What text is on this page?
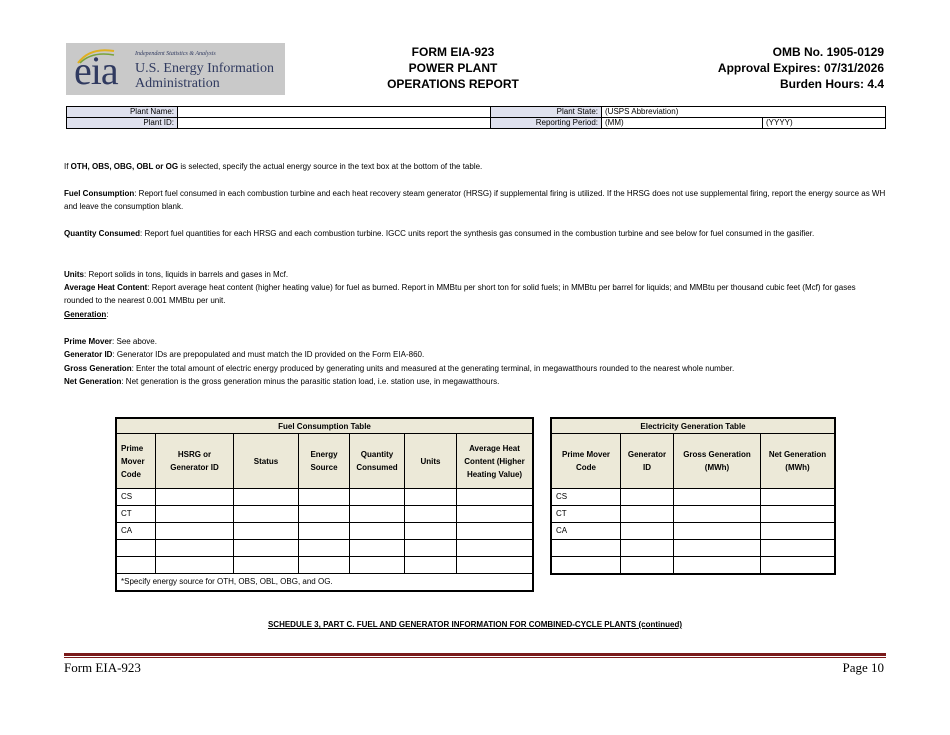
eia	Independent Statistics & Analysis
U.S. Energy Information
Administration
FORM EIA-923
POWER PLANT
OPERATIONS REPORT
OMB No. 1905-0129
Approval Expires: 07/31/2026
Burden Hours: 4.4
Plant Name:		Plant State:	(USPS Abbreviation)	
Plant ID:		Reporting Period:	(MM)	(YYYY)
If OTH, OBS, OBG, OBL or OG is selected, specify the actual energy source in the text box at the bottom of the table.
Fuel Consumption: Report fuel consumed in each combustion turbine and each heat recovery steam generator (HRSG) if supplemental firing is utilized. If the HRSG does not use supplemental firing, report the energy source as WH and leave the consumption blank.
Quantity Consumed: Report fuel quantities for each HRSG and each combustion turbine. IGCC units report the synthesis gas consumed in the combustion turbine and see below for fuel consumed in the gasifier.
Units: Report solids in tons, liquids in barrels and gases in Mcf.
Average Heat Content: Report average heat content (higher heating value) for fuel as burned. Report in MMBtu per short ton for solid fuels; in MMBtu per barrel for liquids; and MMBtu per thousand cubic feet (Mcf) for gases rounded to the nearest 0.001 MMBtu per unit.
Generation:
Prime Mover: See above.
Generator ID: Generator IDs are prepopulated and must match the ID provided on the Form EIA-860.
Gross Generation: Enter the total amount of electric energy produced by generating units and measured at the generating terminal, in megawatthours rounded to the nearest whole number.
Net Generation: Net generation is the gross generation minus the parasitic station load, i.e. station use, in megawatthours.
Fuel Consumption Table						
Prime Mover Code	HSRG or Generator ID	Status	Energy Source	Quantity Consumed	Units	Average Heat Content (Higher Heating Value)
CS						
CT						
CA						

*Specify energy source for OTH, OBS, OBL, OBG, and OG.						
Electricity Generation Table			
Prime Mover Code	Generator ID	Gross Generation (MWh)	Net Generation (MWh)
CS			
CT			
CA			

SCHEDULE 3, PART C. FUEL AND GENERATOR INFORMATION FOR COMBINED-CYCLE PLANTS (continued)
Form EIA-923	Page 10
